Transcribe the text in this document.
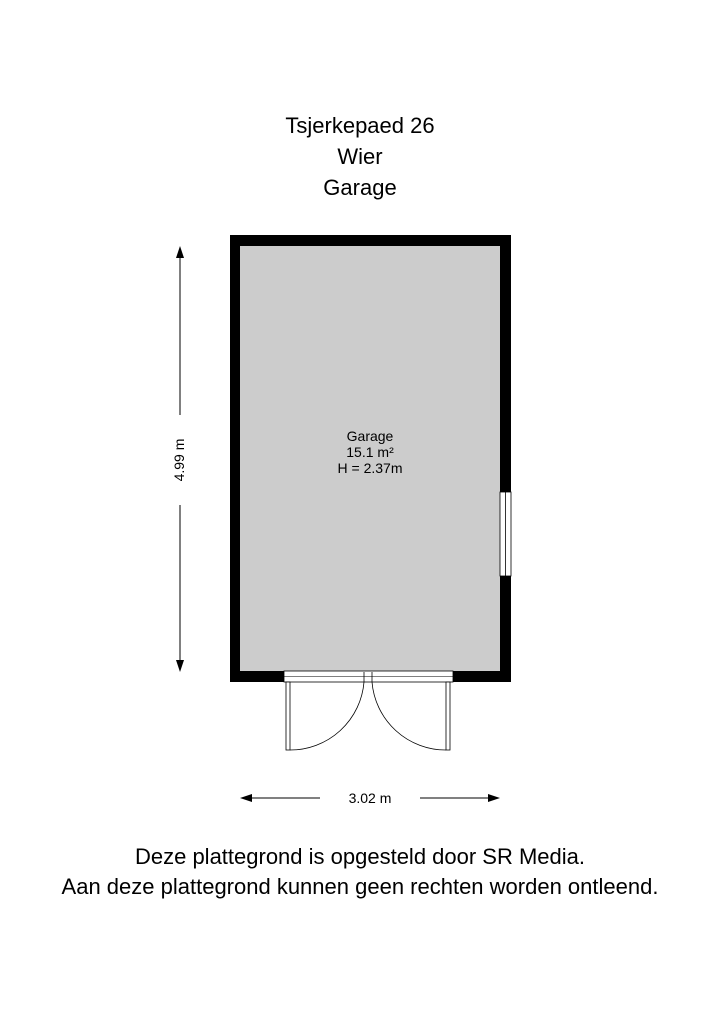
Tsjerkepaed 26
Wier
Garage
Garage
15.1 m²
H = 2.37m
4.99 m
3.02 m
Deze plattegrond is opgesteld door SR Media.
Aan deze plattegrond kunnen geen rechten worden ontleend.
